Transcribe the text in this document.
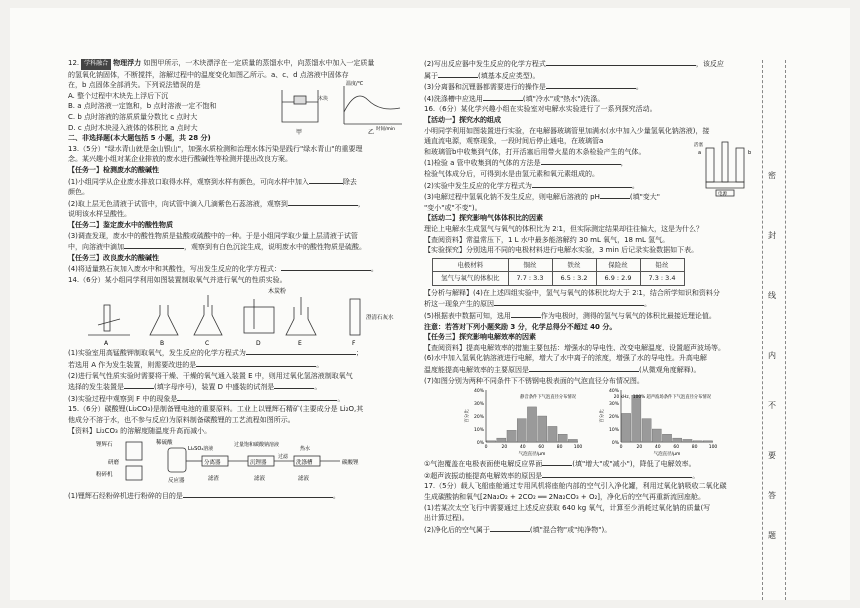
12. 学科融合 物理浮力 如图甲所示，一木块漂浮在一定质量的蒸馏水中，向蒸馏水中加入一定质量

的氢氧化钠固体，不断搅拌，溶解过程中的温度变化如图乙所示。a、c、d 点溶液中固体存

在，b 点固体全部消失。下列说法错误的是

A. 整个过程中木块先上浮后下沉

B. a 点时溶液一定饱和，b 点时溶液一定不饱和

C. b 点时溶液的溶质质量分数比 c 点时大

D. c 点时木块浸入液体的体积比 a 点时大

二、非选择题(本大题包括 5 小题，共 28 分)

13.（5分）"绿水青山就是金山银山"，加强水质检测和治理水体污染是践行"绿水青山"的重要理

念。某兴趣小组对某企业排放的废水进行酸碱性等检测并提出改良方案。

【任务一】检测废水的酸碱性

(1)小组同学从企业废水排放口取得水样，观察到水样有颜色，可向水样中加入	除去

颜色。

(2)取上层无色清液于试管中，向试管中滴入几滴紫色石蕊溶液，观察到	，

说明该水样呈酸性。

【任务二】鉴定废水中的酸性物质

(3)调查发现，废水中的酸性物质是盐酸或硫酸中的一种。于是小组同学取少量上层清液于试管

中，向溶液中滴加	，观察到有白色沉淀生成，说明废水中的酸性物质是硫酸。

【任务三】改良废水的酸碱性

(4)将适量熟石灰加入废水中和其酸性，写出发生反应的化学方程式：	。

14.（6分）某小组同学利用如图装置制取氧气并进行氧气的性质实验。

木炭粉
澄清石灰水
A	B	C	D	E	F

(1)实验室用高锰酸钾制取氧气，发生反应的化学方程式为	；

若选用 A 作为发生装置，则需要改进的是	。

(2)进行氧气性质实验时需要将干燥、干燥的氧气通入装置 E 中，则用过氧化氢溶液制取氧气

选择的发生装置是	(填字母序号)，装置 D 中盛装的试剂是	。

(3)实验过程中观察到 F 中的现象是	。

15.（6分）碳酸锂(Li₂CO₃)是制备锂电池的重要原料。工业上以锂辉石精矿(主要成分是 Li₂O,其

他成分不溶于水，也不参与反应)为原料制备碳酸锂的工艺流程如图所示。

【资料】Li₂CO₃ 的溶解度随温度升高而减小。

锂辉石	稀硫酸
Li₂SO₄溶液
过量饱和碳酸钠溶液
热水
研磨	分离器	沉锂器
过滤
洗涤槽	碳酸锂
粉碎机
反应器	滤渣	滤液	滤液

(1)锂辉石经粉碎机进行粉碎的目的是	。

木块
甲	乙
温度/℃
时间/min

(2)写出反应器中发生反应的化学方程式	，该反应

属于	(填基本反应类型)。

(3)分离器和沉锂器都需要进行的操作是	。

(4)洗涤槽中应选用	(填"冷水"或"热水")洗涤。

16.（6分）某化学兴趣小组在实验室对电解水实验进行了一系列探究活动。

【活动一】探究水的组成

小明同学利用如图装置进行实验，在电解器玻璃管里加满水(水中加入少量氢氧化钠溶液)，接

通直流电源，观察现象，一段时间后停止通电，在玻璃管a

和玻璃管b中收集到气体，打开活塞后用带火星的木条检验产生的气体。

(1)检验 a 管中收集到的气体的方法是	，

检验气体成分后，可得到水是由氢元素和氧元素组成的。

(2)实验中发生反应的化学方程式为	。

(3)电解过程中氢氧化钠不发生反应，则电解后溶液的 pH	(填"变大"

"变小"或"不变")。

【活动二】探究影响气体体积比的因素

理论上电解水生成氢气与氧气的体积比为 2∶1，但实际测定结果却往往偏大，这是为什么？

【查阅资料】常温常压下，1 L 水中最多能溶解约 30 mL 氧气，18 mL 氢气。

【实验探究】分别选用不同的电极材料进行电解水实验，3 min 后记录实验数据如下表。

电极材料	铜丝	铁丝	保险丝	铅丝
氢气与氧气的体积比	7.7 : 3.3	6.5 : 3.2	6.9 : 2.9	7.3 : 3.4

【分析与解释】(4)在上述四组实验中，氢气与氧气的体积比均大于 2∶1，结合所学知识和资料分

析这一现象产生的原因	。

(5)根据表中数据可知，选用	作为电极时，测得的氢气与氧气的体积比最接近理论值。

注意：若答对下列小题奖励 3 分，化学总得分不超过 40 分。

【任务三】探究影响电解效率的因素

【查阅资料】提高电解效率的措施主要包括：增强水的导电性、改变电解温度、设置超声波场等。

(6)水中加入氢氧化钠溶液进行电解，增大了水中离子的浓度，增强了水的导电性。升高电解

温度能提高电解效率的主要原因是	(从微观角度解释)。

(7)如图分别为两种不同条件下不锈钢电极表面的气泡直径分布情况图。

0%
10%
20%
30%
40%
0	20	40	60	80 100
静音条件下气泡直径分布情况
气泡直径/μm
百分比
0%
10%
20%
30%
40%
0	20	40	60	80 100
20 kHz、100% 超声波场条件下气泡直径分布情况
气泡直径/μm
百分比

①气泡覆盖在电极表面使电解反应界面	(填"增大"或"减小")，降低了电解效率。

②超声波振动能提高电解效率的原因是	。

17.（5分）载人飞船座舱通过专用风机将座舱内部的空气引入净化罐，利用过氧化钠吸收二氧化碳

生成碳酸钠和氧气[2Na₂O₂ + 2CO₂ ══ 2Na₂CO₃ + O₂]，净化后的空气再重新流回座舱。

(1)若某次太空飞行中需要通过上述反应获取 640 kg 氧气，计算至少消耗过氧化钠的质量(写

出计算过程)。

(2)净化后的空气属于	(填"混合物"或"纯净物")。

a	b
活塞
电源
密
封
线
内
不
要
答
题
